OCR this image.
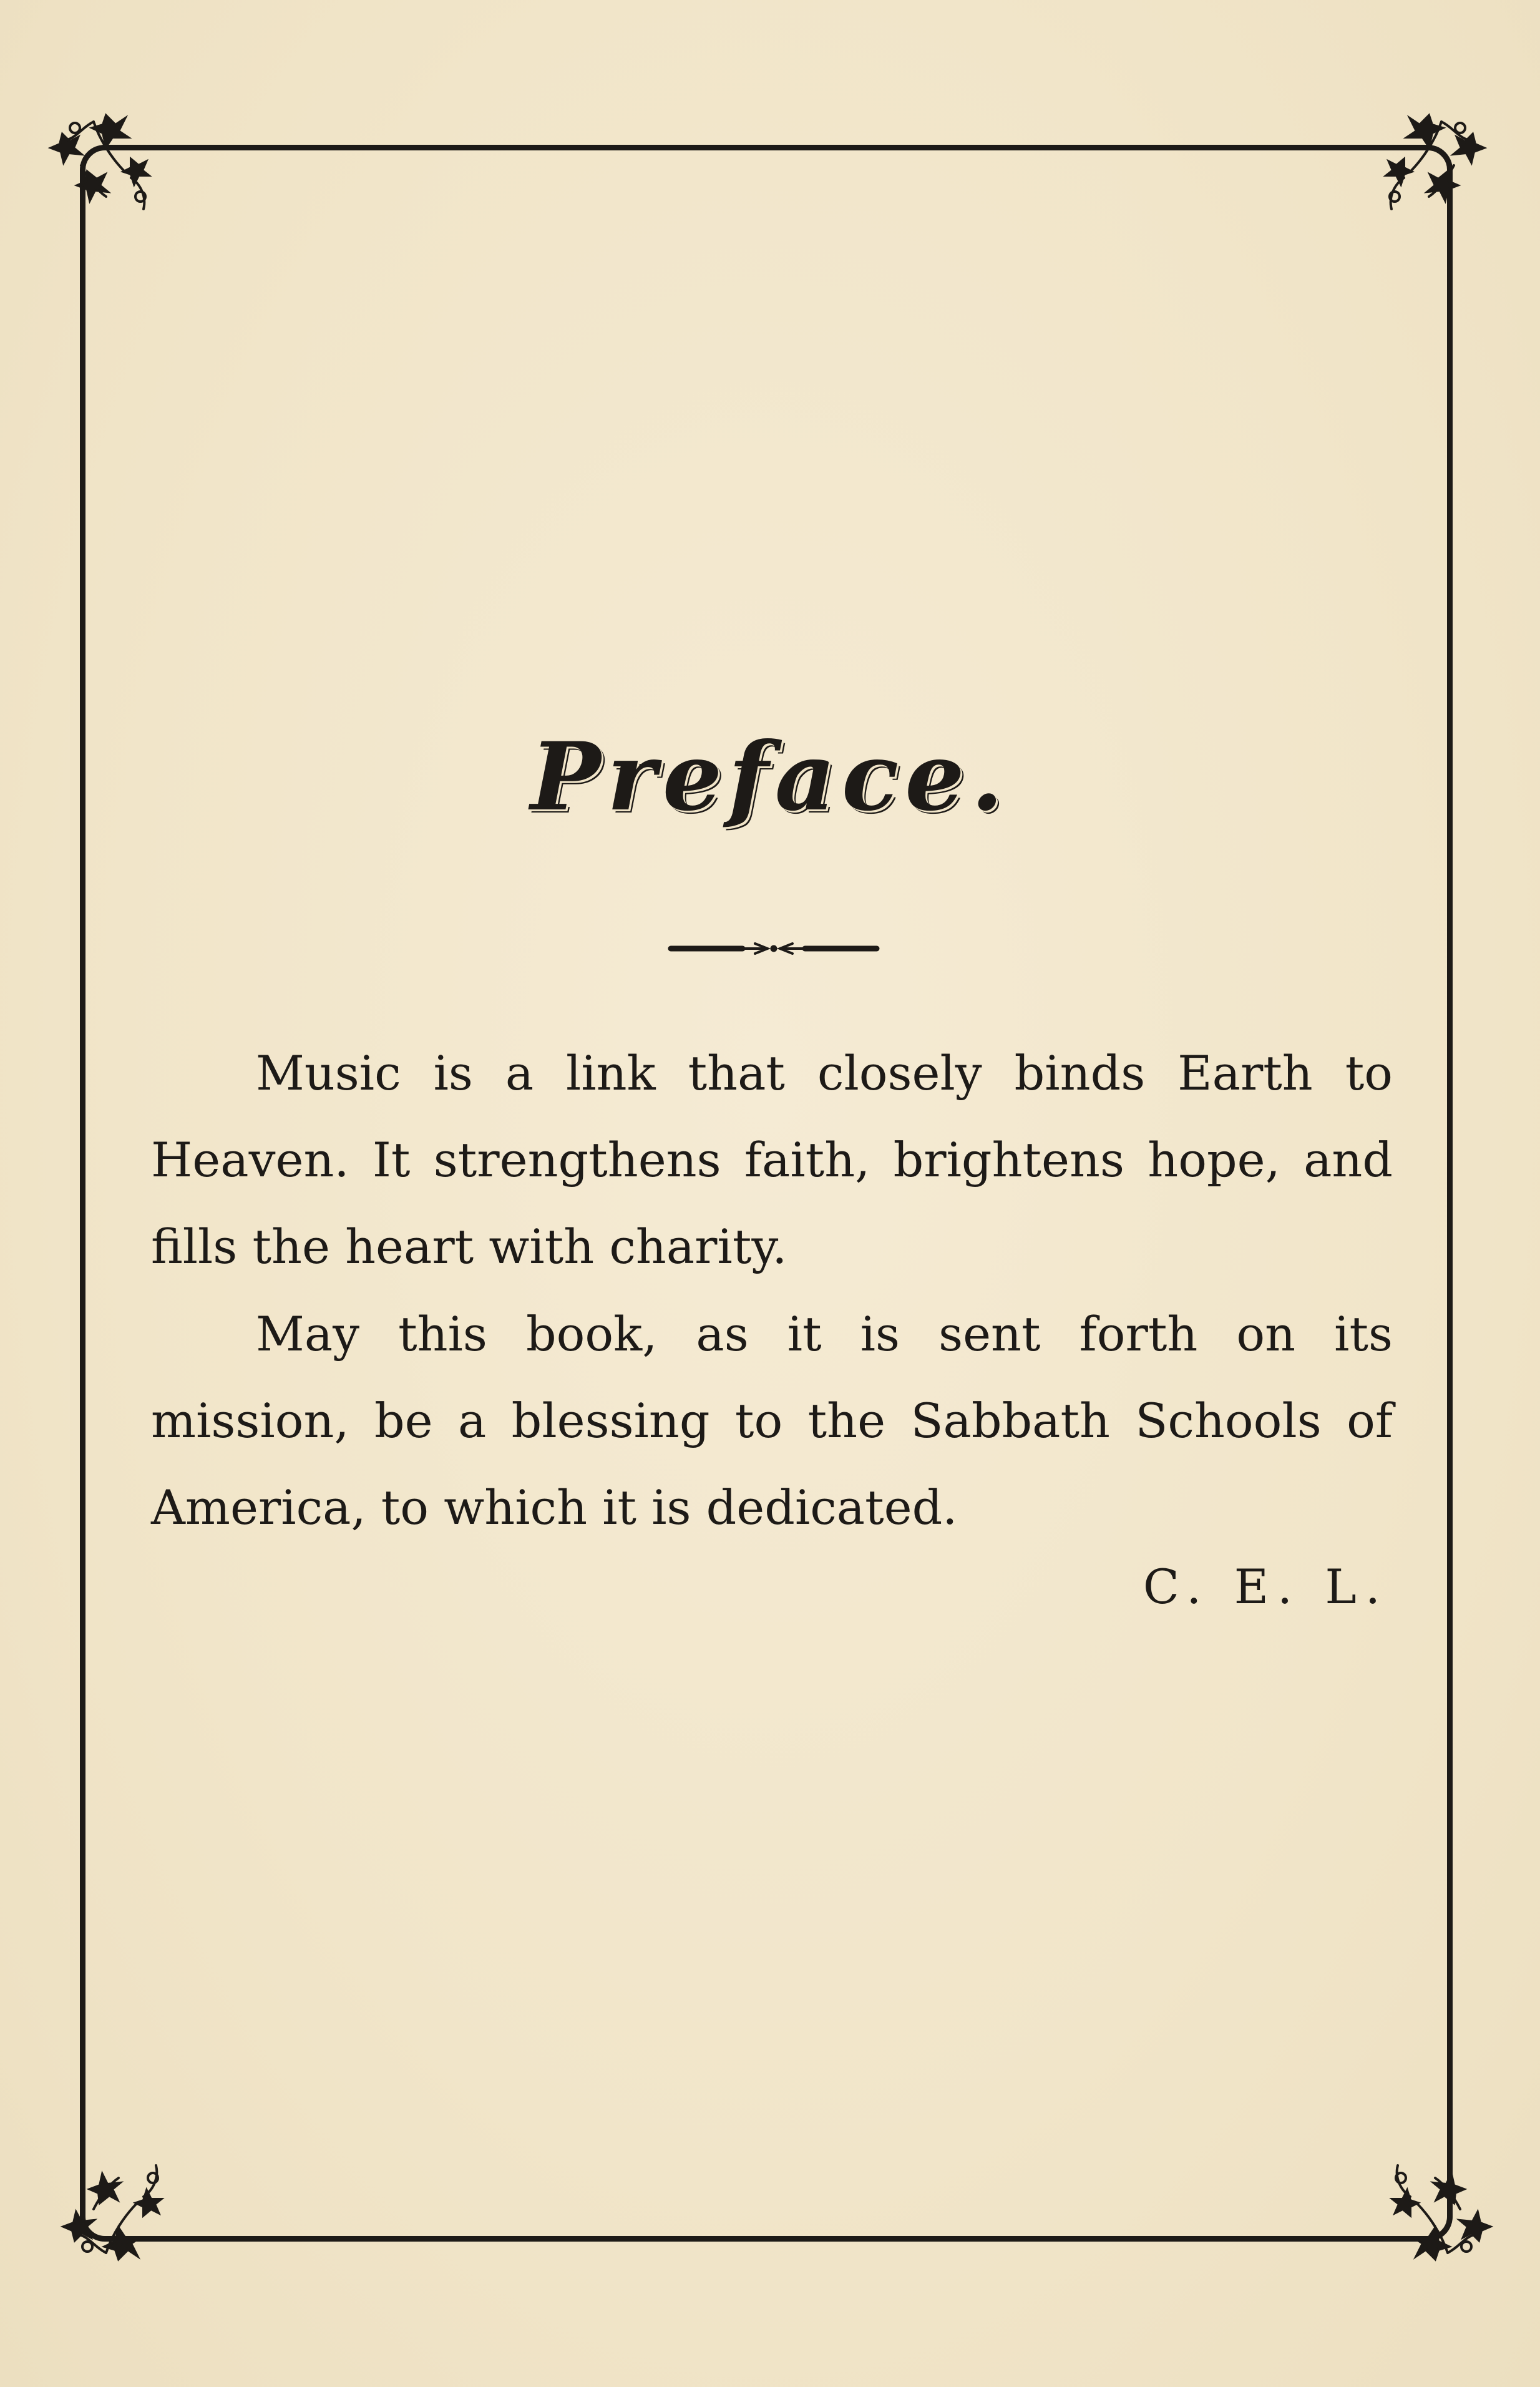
Preface.

Music is a link that closely binds Earth to Heaven. It strengthens faith, brightens hope, and fills the heart with charity.

May this book, as it is sent forth on its mission, be a blessing to the Sabbath Schools of America, to which it is dedicated.

C. E. L.
